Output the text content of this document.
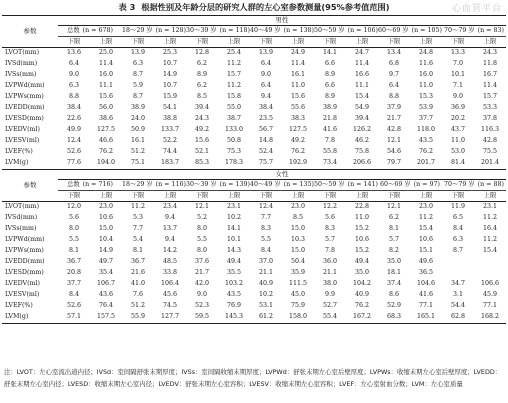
心血管平台
表 3 根据性别及年龄分层的研究人群的左心室参数测量(95%参考值范围)
参数	男性													
	总数 (n = 678)		18～29 岁 (n = 128)		30～39 岁 (n = 118)		40～49 岁 (n = 138)		50～59 岁 (n = 106)		60～69 岁 (n = 105)		70～79 岁 (n = 83)	
	下限	上限	下限	上限	下限	上限	下限	上限	下限	上限	下限	上限	下限	上限
LVOT(mm)	13.6	25.0	13.9	25.3	12.8	25.4	13.9	24.9	14.1	24.7	13.4	24.8	13.3	24.3
IVSd(mm)	6.4	11.4	6.3	10.7	6.2	11.2	6.4	11.4	6.6	11.4	6.8	11.6	7.0	11.8
IVSs(mm)	9.0	16.0	8.7	14.9	8.9	15.7	9.0	16.1	8.9	16.6	9.7	16.0	10.1	16.7
LVPWd(mm)	6.3	11.1	5.9	10.7	6.2	11.2	6.4	11.0	6.6	11.1	6.4	11.0	7.1	11.4
LVPWs(mm)	8.8	15.6	8.7	15.9	8.5	15.8	9.4	15.6	8.9	15.4	8.8	15.3	9.0	15.7
LVEDD(mm)	38.4	56.0	38.9	54.1	39.4	55.0	38.4	55.6	38.9	54.9	37.9	53.9	36.9	53.3
LVESD(mm)	22.6	38.6	24.0	38.8	24.3	38.7	23.5	38.3	21.8	39.4	21.7	37.7	20.2	37.8
LVEDV(ml)	49.9	127.5	50.9	133.7	49.2	133.0	56.7	127.5	41.6	126.2	42.8	118.0	43.7	116.3
LVESV(ml)	12.4	46.6	16.1	52.2	15.6	50.8	14.8	49.2	7.8	46.2	12.1	43.5	11.0	42.8
LVEF(%)	52.6	76.2	51.2	74.4	52.1	75.3	52.4	76.2	55.8	75.8	54.6	76.2	53.0	75.5
LVM(g)	77.6	194.0	75.1	183.7	85.3	178.3	75.7	192.9	73.4	206.6	79.7	201.7	81.4	201.4
参数	女性													
	总数 (n = 716)		18～29 岁 (n = 116)		30～39 岁 (n = 139)		40～49 岁 (n = 135)		50～59 岁 (n = 141)		60～69 岁 (n = 97)		70～79 岁 (n = 88)	
	下限	上限	下限	上限	下限	上限	下限	上限	下限	上限	下限	上限	下限	上限
LVOT(mm)	12.0	23.0	11.2	23.4	12.1	23.1	12.4	23.0	12.2	22.8	12.1	23.0	11.9	23.1
IVSd(mm)	5.6	10.6	5.3	9.4	5.2	10.2	7.7	8.5	5.6	11.0	6.2	11.2	6.5	11.2
IVSs(mm)	8.0	15.0	7.7	13.7	8.0	14.1	8.3	15.0	8.3	15.2	8.1	15.4	8.4	16.4
LVPWd(mm)	5.5	10.4	5.4	9.4	5.5	10.1	5.5	10.3	5.7	10.6	5.7	10.6	6.3	11.2
LVPWs(mm)	8.1	14.9	8.1	14.2	8.0	14.3	8.4	15.0	7.8	15.2	8.2	15.1	8.7	15.4
LVEDD(mm)	36.7	49.7	36.7	48.5	37.6	49.4	37.0	50.4	36.0	49.4	35.0	49.6		
LVESD(mm)	20.8	35.4	21.6	33.8	21.7	35.5	21.1	35.9	21.1	35.0	18.1	36.5		
LVEDV(ml)	37.7	106.7	41.0	106.4	42.0	103.2	40.9	111.5	38.0	104.2	37.4	104.6	34.7	106.6
LVESV(ml)	8.4	43.6	7.6	45.6	9.0	43.5	10.2	45.0	9.9	40.9	8.6	41.6	3.1	45.9
LVEF(%)	52.6	76.4	51.2	74.5	52.3	76.9	53.1	75.9	52.7	76.2	52.9	77.1	54.4	77.1
LVM(g)	57.1	157.5	55.9	127.7	59.5	145.3	61.2	158.0	55.4	167.2	68.3	165.1	62.8	168.2
注：LVOT：左心室流出道内径；IVSd：室间隔舒张末期厚度；IVSs：室间隔收缩末期厚度；LVPWd：舒张末期左心室后壁厚度；LVPWs：收缩末期左心室后壁厚度；LVEDD：舒张末期左心室内径；LVESD：收缩末期左心室内径；LVEDV：舒张末期左心室容积；LVESV：收缩末期左心室容积；LVEF：左心室射血分数；LVM：左心室质量
